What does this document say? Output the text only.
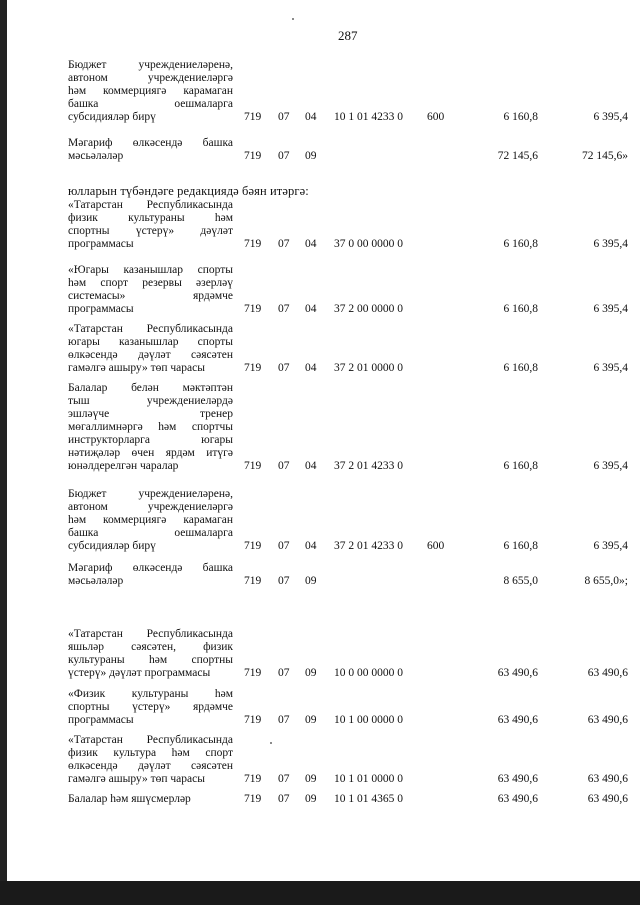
287
Бюджет учреждениеләренә,
автоном учреждениеләргә
һәм коммерциягә карамаган
башка оешмаларга
субсидияләр бирү	719 07 04 10 1 01 4233 0 600	6 160,8	6 395,4
Мәгариф өлкәсендә башка
мәсьәләләр	719 07 09	72 145,6	72 145,6»
юлларын түбәндәге редакциядә бәян итәргә:
«Татарстан Республикасында
физик культураны һәм
спортны үстерү» дәүләт
программасы	719 07 04 37 0 00 0000 0	6 160,8	6 395,4
«Югары казанышлар спорты
һәм спорт резервы әзерләү
системасы» ярдәмче
программасы	719 07 04 37 2 00 0000 0	6 160,8	6 395,4
«Татарстан Республикасында
югары казанышлар спорты
өлкәсендә дәүләт сәясәтен
гамәлгә ашыру» төп чарасы	719 07 04 37 2 01 0000 0	6 160,8	6 395,4
Балалар белән мәктәптән
тыш учреждениеләрдә
эшләүче тренер
мөгаллимнәргә һәм спортчы
инструкторларга югары
нәтиҗәләр өчен ярдәм итүгә
юнәлдерелгән чаралар	719 07 04 37 2 01 4233 0	6 160,8	6 395,4
Бюджет учреждениеләренә,
автоном учреждениеләргә
һәм коммерциягә карамаган
башка оешмаларга
субсидияләр бирү	719 07 04 37 2 01 4233 0 600	6 160,8	6 395,4
Мәгариф өлкәсендә башка
мәсьәләләр	719 07 09	8 655,0	8 655,0»;
«Татарстан Республикасында
яшьләр сәясәтен, физик
культураны һәм спортны
үстерү» дәүләт программасы	719 07 09 10 0 00 0000 0	63 490,6	63 490,6
«Физик культураны һәм
спортны үстерү» ярдәмче
программасы	719 07 09 10 1 00 0000 0	63 490,6	63 490,6
«Татарстан Республикасында
физик культура һәм спорт
өлкәсендә дәүләт сәясәтен
гамәлгә ашыру» төп чарасы	719 07 09 10 1 01 0000 0	63 490,6	63 490,6
Балалар һәм яшүсмерләр	719 07 09 10 1 01 4365 0	63 490,6	63 490,6
